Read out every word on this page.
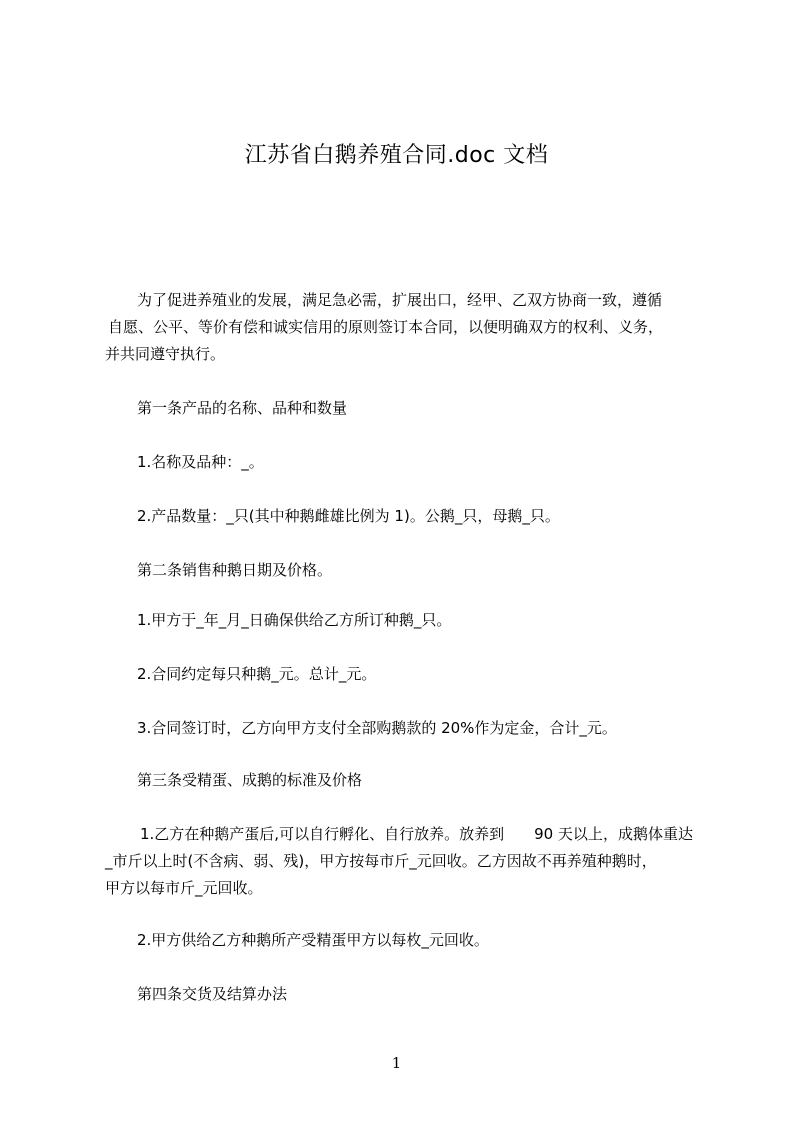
江苏省白鹅养殖合同.doc 文档
为了促进养殖业的发展，满足急必需，扩展出口，经甲、乙双方协商一致，遵循
自愿、公平、等价有偿和诚实信用的原则签订本合同，以便明确双方的权利、义务，
并共同遵守执行。
第一条产品的名称、品种和数量
1.名称及品种：_。
2.产品数量：_只(其中种鹅雌雄比例为 1)。公鹅_只，母鹅_只。
第二条销售种鹅日期及价格。
1.甲方于_年_月_日确保供给乙方所订种鹅_只。
2.合同约定每只种鹅_元。总计_元。
3.合同签订时，乙方向甲方支付全部购鹅款的 20%作为定金，合计_元。
第三条受精蛋、成鹅的标准及价格
1.乙方在种鹅产蛋后,可以自行孵化、自行放养。放养到　　90 天以上，成鹅体重达
_市斤以上时(不含病、弱、残)，甲方按每市斤_元回收。乙方因故不再养殖种鹅时，
甲方以每市斤_元回收。
2.甲方供给乙方种鹅所产受精蛋甲方以每枚_元回收。
第四条交货及结算办法
1
